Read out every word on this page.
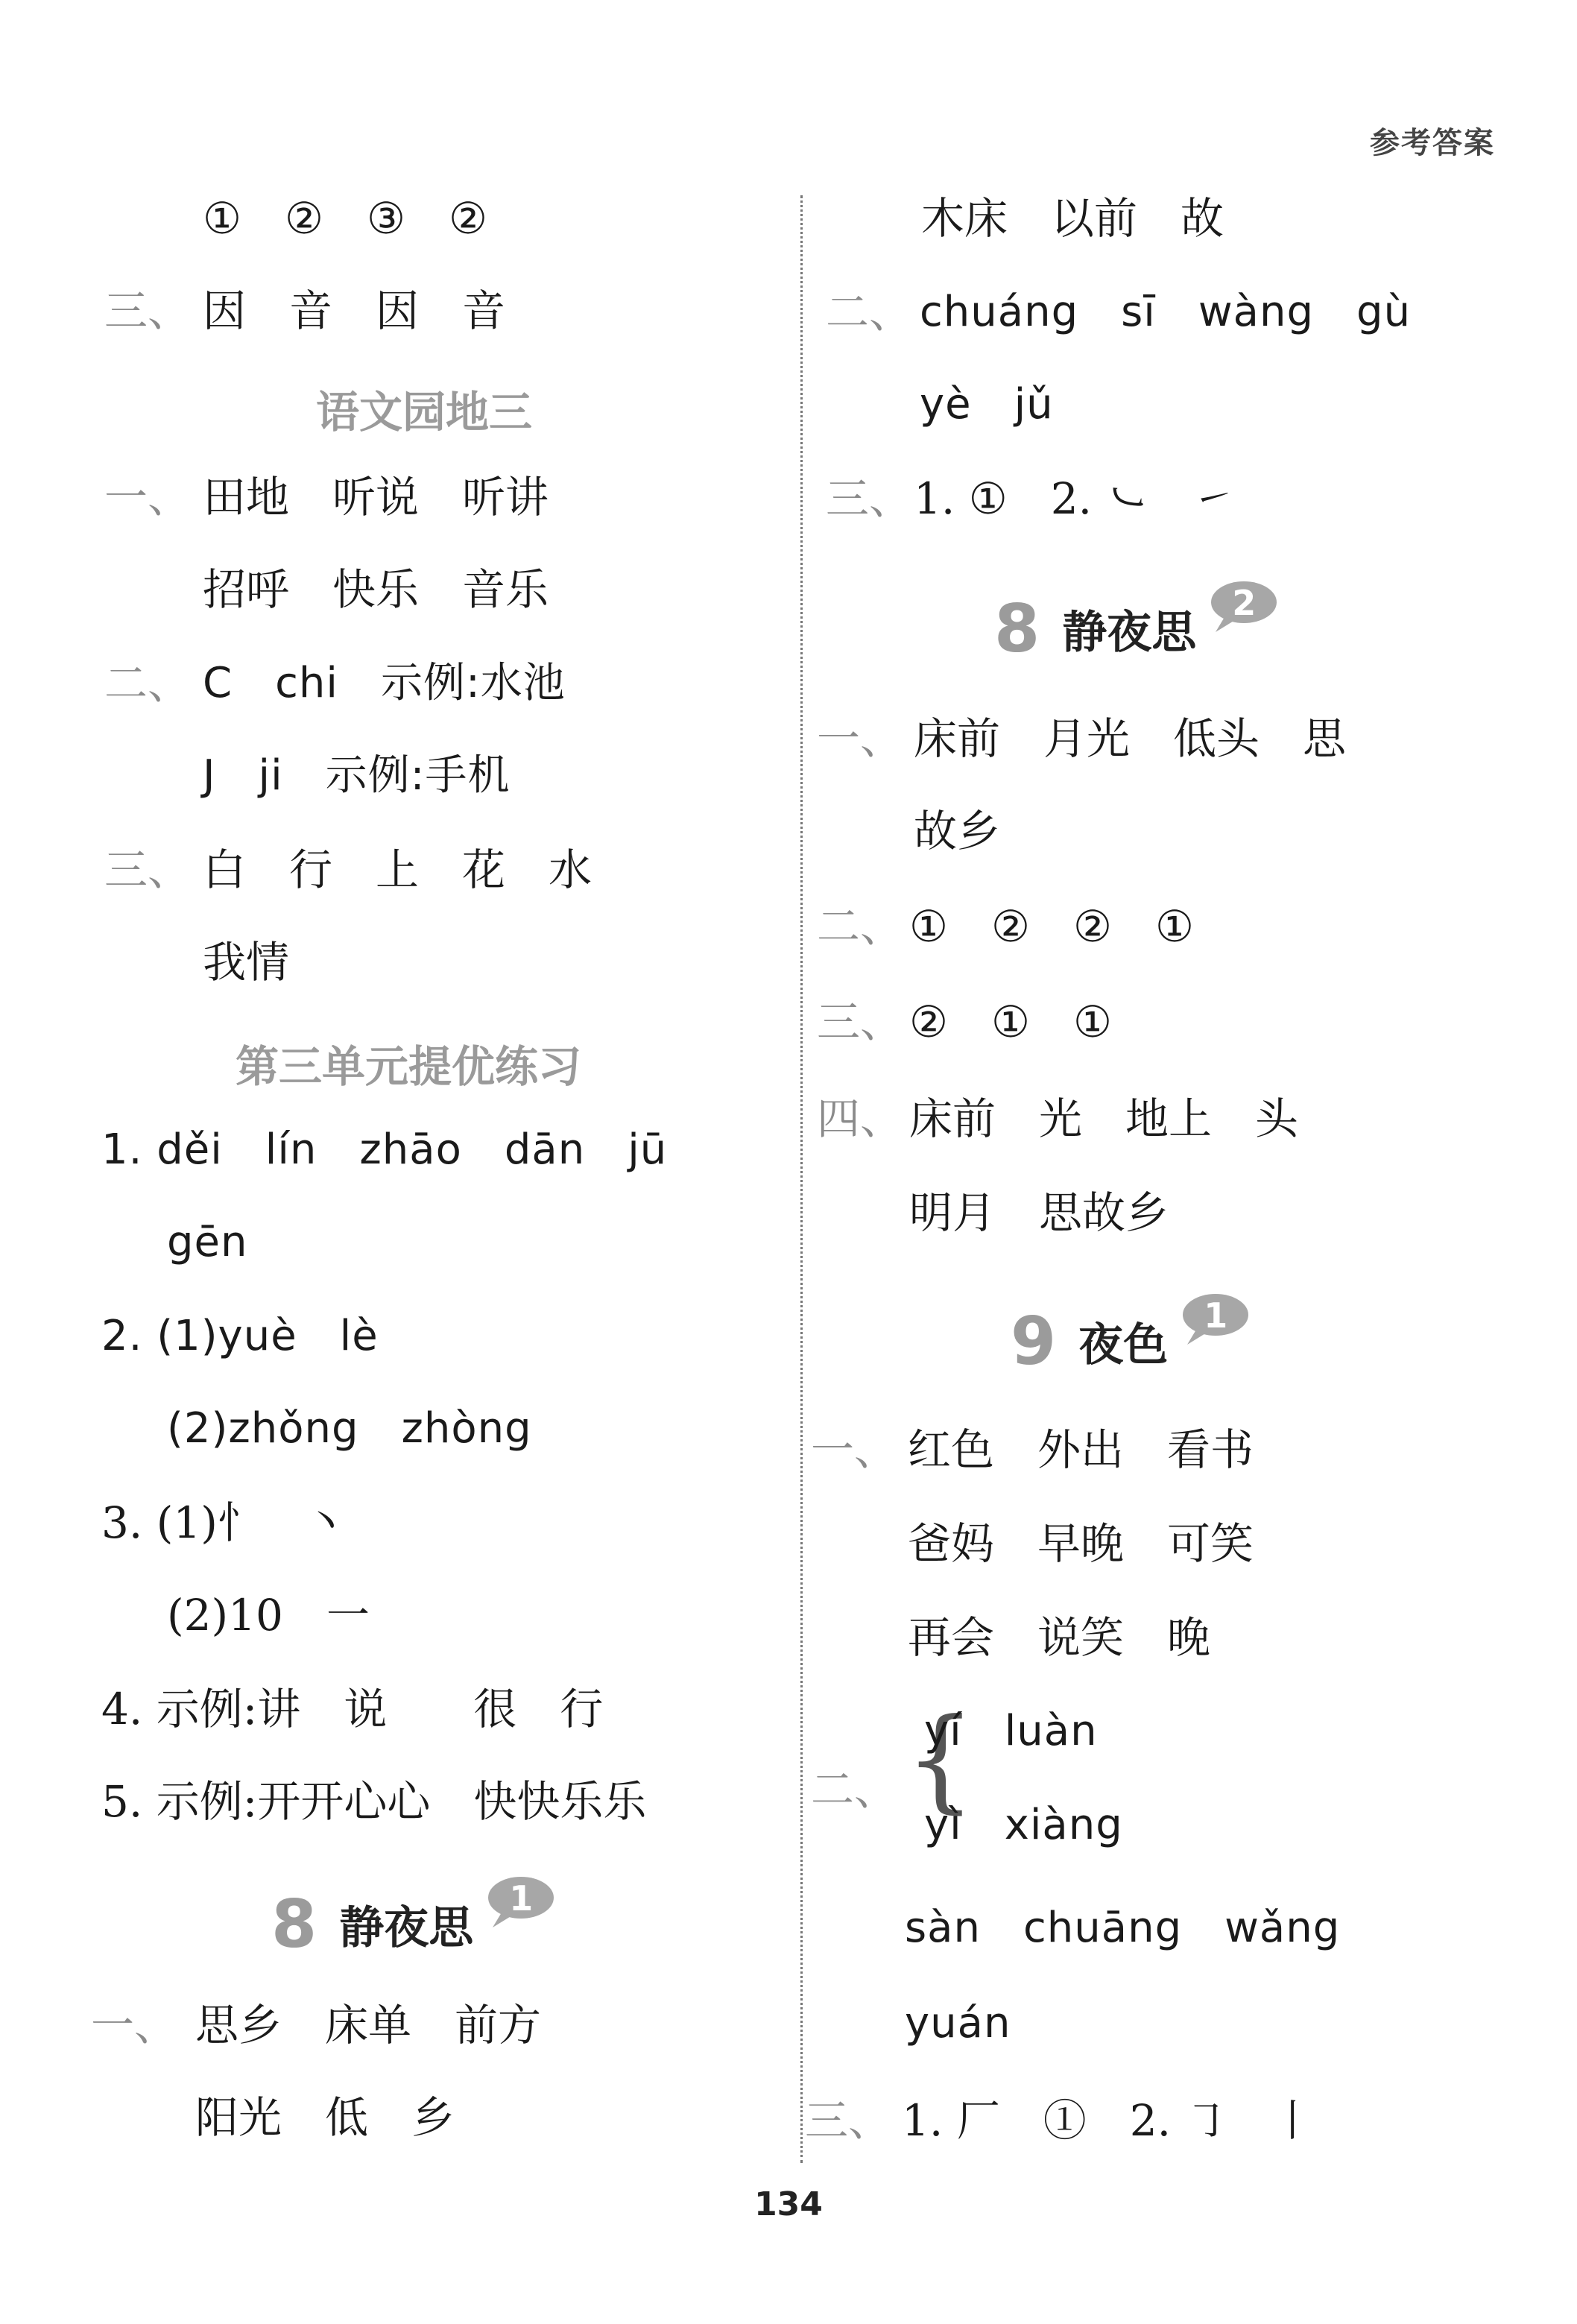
参考答案
①　②　③　②
三、 因　音　因　音
语文园地三
一、 田地　听说　听讲
招呼　快乐　音乐
二、 C　chi　示例:水池
J　ji　示例:手机
三、 白　行　上　花　水
我情
第三单元提优练习
1. děi　lín　zhāo　dān　jū
gēn
2. (1)yuè　lè
(2)zhǒng　zhòng
3. (1)忄　丶
(2)10　一
4. 示例:讲　说　　很　行
5. 示例:开开心心　快快乐乐
8 静夜思
1
一、 思乡　床单　前方
阳光　低　乡
木床　以前　故
二、 chuáng　sī　wàng　gù
yè　jǔ
三、 1. ①　2. ㇃　㇀
8 静夜思
2
一、 床前　月光　低头　思
故乡
二、 ①　②　②　①
三、 ②　①　①
四、 床前　光　地上　头
明月　思故乡
9 夜色
1
一、 红色　外出　看书
爸妈　早晚　可笑
再会　说笑　晚
二、 {
yí　luàn
yì　xiàng
sàn　chuāng　wǎng
yuán
三、 1. 厂　①　2. ㇆　丨
134
